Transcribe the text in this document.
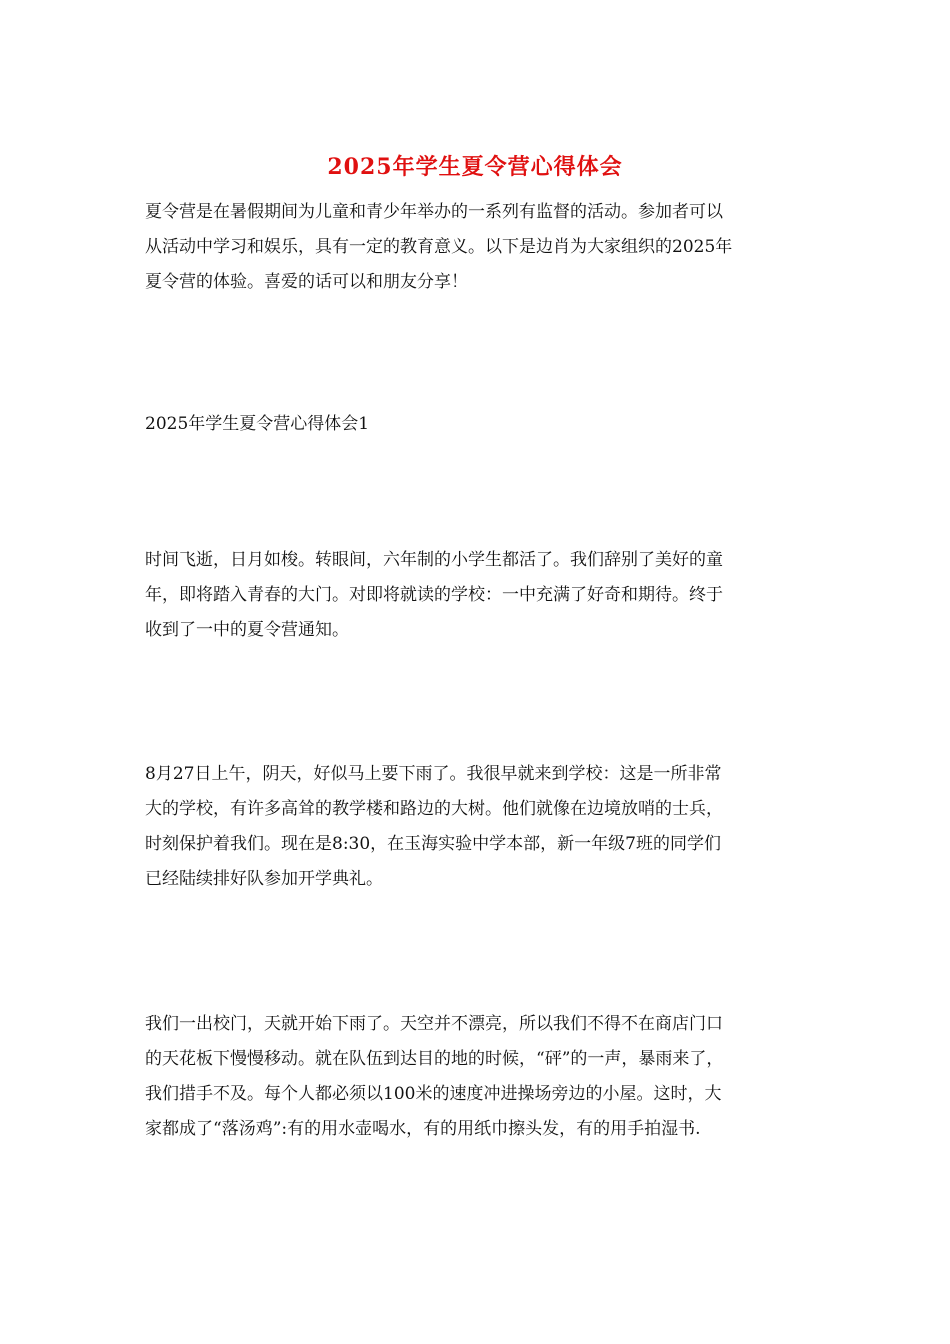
2025年学生夏令营心得体会
夏令营是在暑假期间为儿童和青少年举办的一系列有监督的活动。参加者可以
从活动中学习和娱乐，具有一定的教育意义。以下是边肖为大家组织的2025年
夏令营的体验。喜爱的话可以和朋友分享！
2025年学生夏令营心得体会1
时间飞逝，日月如梭。转眼间，六年制的小学生都活了。我们辞别了美好的童
年，即将踏入青春的大门。对即将就读的学校：一中充满了好奇和期待。终于
收到了一中的夏令营通知。
8月27日上午，阴天，好似马上要下雨了。我很早就来到学校：这是一所非常
大的学校，有许多高耸的教学楼和路边的大树。他们就像在边境放哨的士兵，
时刻保护着我们。现在是8:30，在玉海实验中学本部，新一年级7班的同学们
已经陆续排好队参加开学典礼。
我们一出校门，天就开始下雨了。天空并不漂亮，所以我们不得不在商店门口
的天花板下慢慢移动。就在队伍到达目的地的时候，“砰”的一声，暴雨来了，
我们措手不及。每个人都必须以100米的速度冲进操场旁边的小屋。这时，大
家都成了“落汤鸡”:有的用水壶喝水，有的用纸巾擦头发，有的用手拍湿书.
